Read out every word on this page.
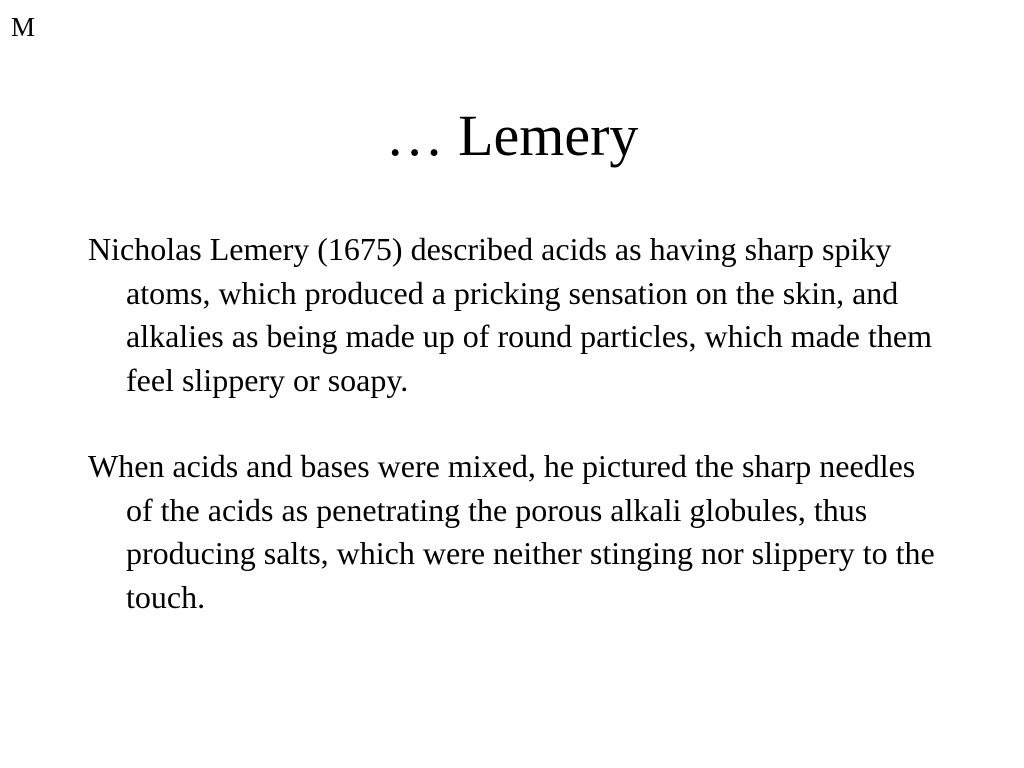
M
… Lemery

Nicholas Lemery (1675) described acids as having sharp spiky atoms, which produced a pricking sensation on the skin, and alkalies as being made up of round particles, which made them feel slippery or soapy.

When acids and bases were mixed, he pictured the sharp needles of the acids as penetrating the porous alkali globules, thus producing salts, which were neither stinging nor slippery to the touch.
